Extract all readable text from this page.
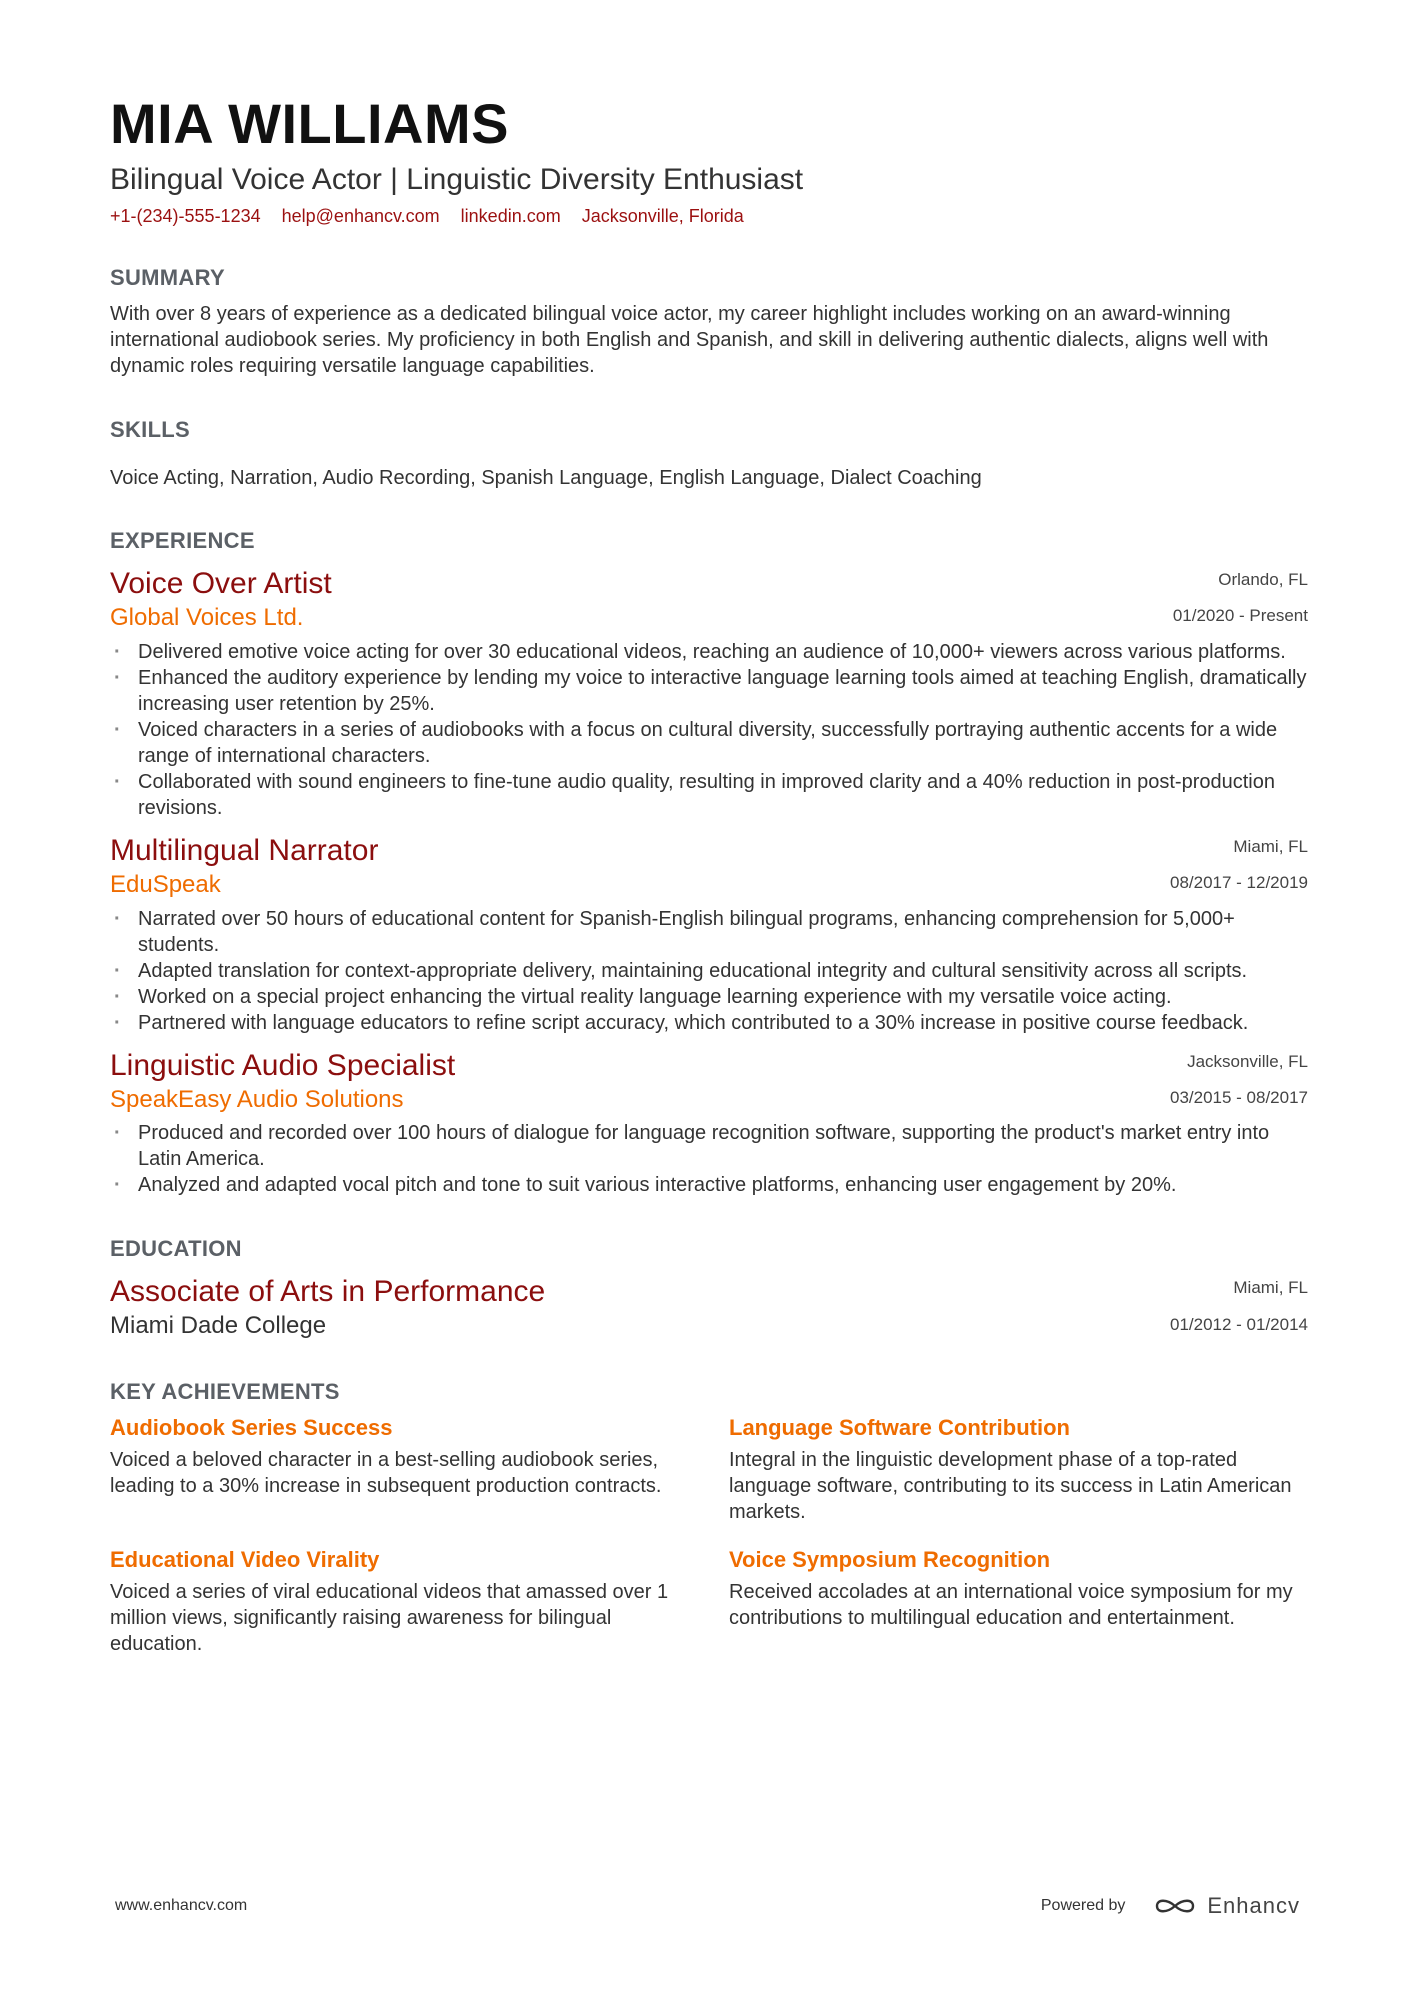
MIA WILLIAMS
Bilingual Voice Actor | Linguistic Diversity Enthusiast
+1-(234)-555-1234 help@enhancv.com linkedin.com Jacksonville, Florida
SUMMARY

With over 8 years of experience as a dedicated bilingual voice actor, my career highlight includes working on an award-winning international audiobook series. My proficiency in both English and Spanish, and skill in delivering authentic dialects, aligns well with dynamic roles requiring versatile language capabilities.

SKILLS
Voice Acting, Narration, Audio Recording, Spanish Language, English Language, Dialect Coaching
EXPERIENCE
Voice Over Artist
Global Voices Ltd.
Orlando, FL
01/2020 - Present
· Delivered emotive voice acting for over 30 educational videos, reaching an audience of 10,000+ viewers across various platforms.
· Enhanced the auditory experience by lending my voice to interactive language learning tools aimed at teaching English, dramatically increasing user retention by 25%.
· Voiced characters in a series of audiobooks with a focus on cultural diversity, successfully portraying authentic accents for a wide range of international characters.
· Collaborated with sound engineers to fine-tune audio quality, resulting in improved clarity and a 40% reduction in post-production revisions.
Multilingual Narrator
EduSpeak
Miami, FL
08/2017 - 12/2019
· Narrated over 50 hours of educational content for Spanish-English bilingual programs, enhancing comprehension for 5,000+ students.
· Adapted translation for context-appropriate delivery, maintaining educational integrity and cultural sensitivity across all scripts.
· Worked on a special project enhancing the virtual reality language learning experience with my versatile voice acting.
· Partnered with language educators to refine script accuracy, which contributed to a 30% increase in positive course feedback.
Linguistic Audio Specialist
SpeakEasy Audio Solutions
Jacksonville, FL
03/2015 - 08/2017
· Produced and recorded over 100 hours of dialogue for language recognition software, supporting the product's market entry into Latin America.
· Analyzed and adapted vocal pitch and tone to suit various interactive platforms, enhancing user engagement by 20%.
EDUCATION
Associate of Arts in Performance
Miami Dade College
Miami, FL
01/2012 - 01/2014
KEY ACHIEVEMENTS
Audiobook Series Success
Voiced a beloved character in a best-selling audiobook series, leading to a 30% increase in subsequent production contracts.
Language Software Contribution
Integral in the linguistic development phase of a top-rated language software, contributing to its success in Latin American markets.
Educational Video Virality
Voiced a series of viral educational videos that amassed over 1 million views, significantly raising awareness for bilingual education.
Voice Symposium Recognition
Received accolades at an international voice symposium for my contributions to multilingual education and entertainment.
www.enhancv.com	Powered by	Enhancv
